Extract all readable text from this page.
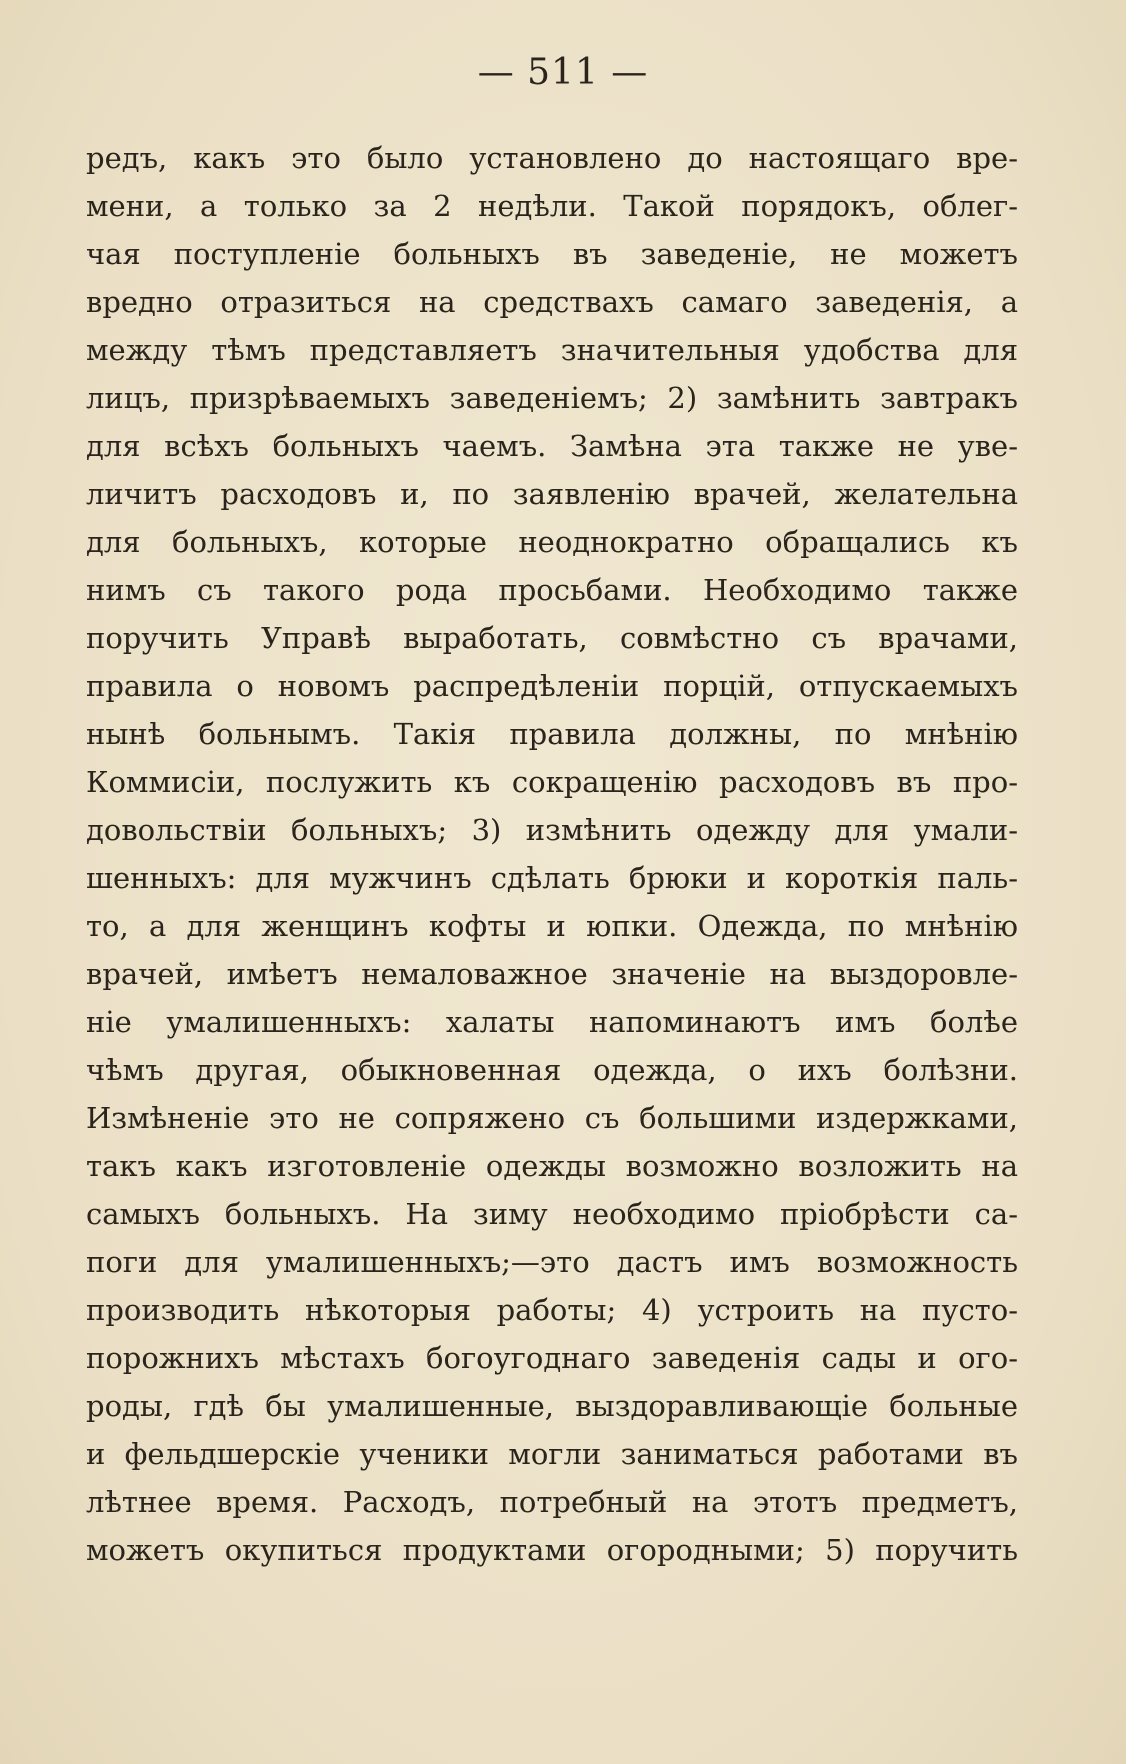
— 511 —
редъ, какъ это было установлено до настоящаго вре-
мени, а только за 2 недѣли. Такой порядокъ, облег-
чая поступленіе больныхъ въ заведеніе, не можетъ
вредно отразиться на средствахъ самаго заведенія, а
между тѣмъ представляетъ значительныя удобства для
лицъ, призрѣваемыхъ заведеніемъ; 2) замѣнить завтракъ
для всѣхъ больныхъ чаемъ. Замѣна эта также не уве-
личитъ расходовъ и, по заявленію врачей, желательна
для больныхъ, которые неоднократно обращались къ
нимъ съ такого рода просьбами. Необходимо также
поручить Управѣ выработать, совмѣстно съ врачами,
правила о новомъ распредѣленіи порцій, отпускаемыхъ
нынѣ больнымъ. Такія правила должны, по мнѣнію
Коммисіи, послужить къ сокращенію расходовъ въ про-
довольствіи больныхъ; 3) измѣнить одежду для умали-
шенныхъ: для мужчинъ сдѣлать брюки и короткія паль-
то, а для женщинъ кофты и юпки. Одежда, по мнѣнію
врачей, имѣетъ немаловажное значеніе на выздоровле-
ніе умалишенныхъ: халаты напоминаютъ имъ болѣе
чѣмъ другая, обыкновенная одежда, о ихъ болѣзни.
Измѣненіе это не сопряжено съ большими издержками,
такъ какъ изготовленіе одежды возможно возложить на
самыхъ больныхъ. На зиму необходимо пріобрѣсти са-
поги для умалишенныхъ;—это дастъ имъ возможность
производить нѣкоторыя работы; 4) устроить на пусто-
порожнихъ мѣстахъ богоугоднаго заведенія сады и ого-
роды, гдѣ бы умалишенные, выздоравливающіе больные
и фельдшерскіе ученики могли заниматься работами въ
лѣтнее время. Расходъ, потребный на этотъ предметъ,
можетъ окупиться продуктами огородными; 5) поручить
